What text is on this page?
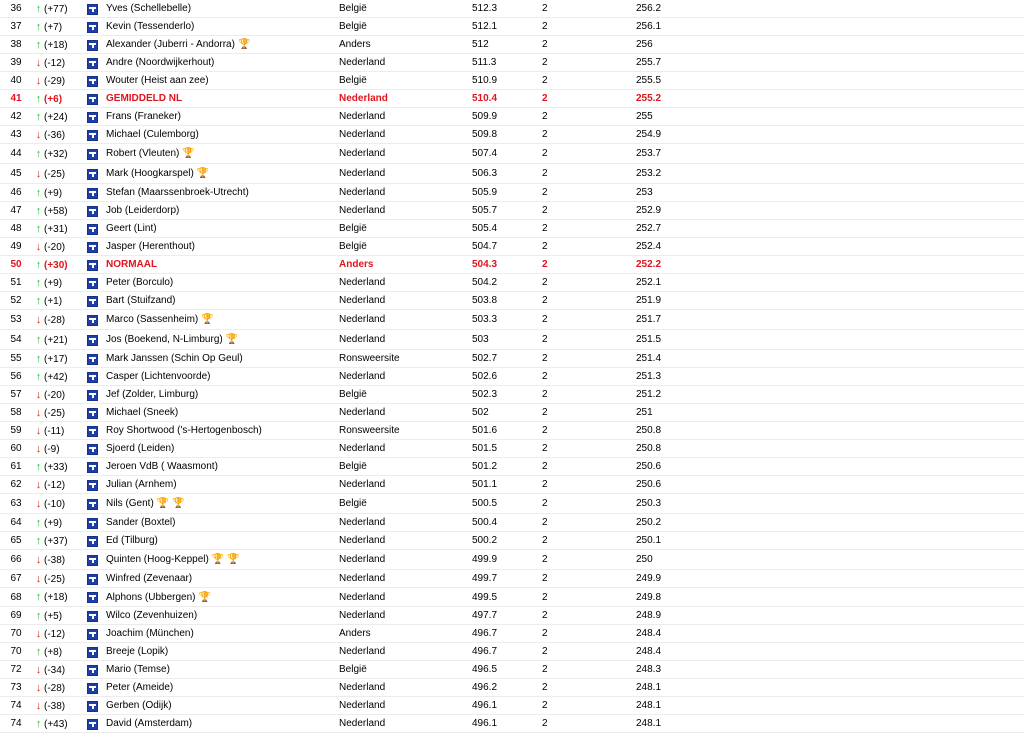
36	↑ (+77)	Yves (Schellebelle)	België	512.3	2	256.2
37	↑ (+7)	Kevin (Tessenderlo)	België	512.1	2	256.1
38	↑ (+18)	Alexander (Juberri - Andorra) 🏆	Anders	512	2	256
39	↓ (-12)	Andre (Noordwijkerhout)	Nederland	511.3	2	255.7
40	↓ (-29)	Wouter (Heist aan zee)	België	510.9	2	255.5
41	↑ (+6)	GEMIDDELD NL	Nederland	510.4	2	255.2
42	↑ (+24)	Frans (Franeker)	Nederland	509.9	2	255
43	↓ (-36)	Michael (Culemborg)	Nederland	509.8	2	254.9
44	↑ (+32)	Robert (Vleuten) 🏆	Nederland	507.4	2	253.7
45	↓ (-25)	Mark (Hoogkarspel) 🏆	Nederland	506.3	2	253.2
46	↑ (+9)	Stefan (Maarssenbroek-Utrecht)	Nederland	505.9	2	253
47	↑ (+58)	Job (Leiderdorp)	Nederland	505.7	2	252.9
48	↑ (+31)	Geert (Lint)	België	505.4	2	252.7
49	↓ (-20)	Jasper (Herenthout)	België	504.7	2	252.4
50	↑ (+30)	NORMAAL	Anders	504.3	2	252.2
51	↑ (+9)	Peter (Borculo)	Nederland	504.2	2	252.1
52	↑ (+1)	Bart (Stuifzand)	Nederland	503.8	2	251.9
53	↓ (-28)	Marco (Sassenheim) 🏆	Nederland	503.3	2	251.7
54	↑ (+21)	Jos (Boekend, N-Limburg) 🏆	Nederland	503	2	251.5
55	↑ (+17)	Mark Janssen (Schin Op Geul)	Ronsweersite	502.7	2	251.4
56	↑ (+42)	Casper (Lichtenvoorde)	Nederland	502.6	2	251.3
57	↓ (-20)	Jef (Zolder, Limburg)	België	502.3	2	251.2
58	↓ (-25)	Michael (Sneek)	Nederland	502	2	251
59	↓ (-11)	Roy Shortwood ('s-Hertogenbosch)	Ronsweersite	501.6	2	250.8
60	↓ (-9)	Sjoerd (Leiden)	Nederland	501.5	2	250.8
61	↑ (+33)	Jeroen VdB ( Waasmont)	België	501.2	2	250.6
62	↓ (-12)	Julian (Arnhem)	Nederland	501.1	2	250.6
63	↓ (-10)	Nils (Gent) 🏆 🏆	België	500.5	2	250.3
64	↑ (+9)	Sander (Boxtel)	Nederland	500.4	2	250.2
65	↑ (+37)	Ed (Tilburg)	Nederland	500.2	2	250.1
66	↓ (-38)	Quinten (Hoog-Keppel) 🏆 🏆	Nederland	499.9	2	250
67	↓ (-25)	Winfred (Zevenaar)	Nederland	499.7	2	249.9
68	↑ (+18)	Alphons (Ubbergen) 🏆	Nederland	499.5	2	249.8
69	↑ (+5)	Wilco (Zevenhuizen)	Nederland	497.7	2	248.9
70	↓ (-12)	Joachim (München)	Anders	496.7	2	248.4
70	↑ (+8)	Breeje (Lopik)	Nederland	496.7	2	248.4
72	↓ (-34)	Mario (Temse)	België	496.5	2	248.3
73	↓ (-28)	Peter (Ameide)	Nederland	496.2	2	248.1
74	↓ (-38)	Gerben (Odijk)	Nederland	496.1	2	248.1
74	↑ (+43)	David (Amsterdam)	Nederland	496.1	2	248.1
